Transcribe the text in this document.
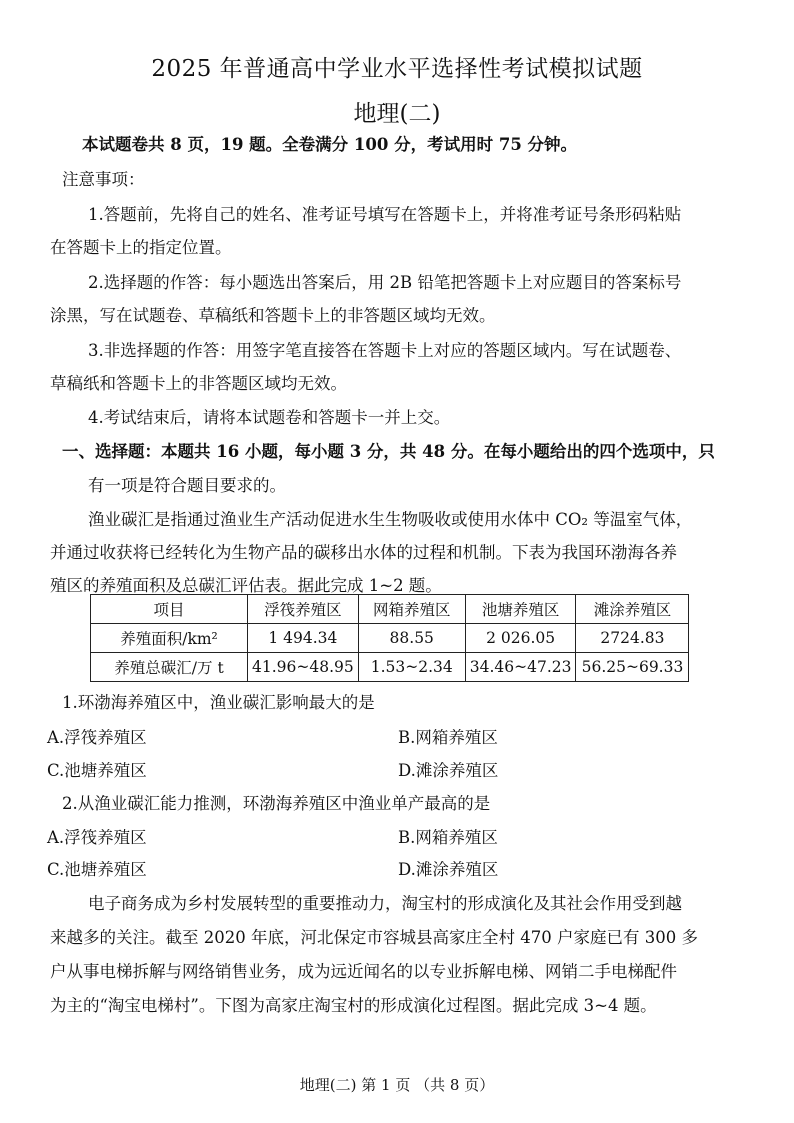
2025 年普通高中学业水平选择性考试模拟试题
地理(二)
本试题卷共 8 页，19 题。全卷满分 100 分，考试用时 75 分钟。
注意事项：
1.答题前，先将自己的姓名、准考证号填写在答题卡上，并将准考证号条形码粘贴
在答题卡上的指定位置。
2.选择题的作答：每小题选出答案后，用 2B 铅笔把答题卡上对应题目的答案标号
涂黑，写在试题卷、草稿纸和答题卡上的非答题区域均无效。
3.非选择题的作答：用签字笔直接答在答题卡上对应的答题区域内。写在试题卷、
草稿纸和答题卡上的非答题区域均无效。
4.考试结束后，请将本试题卷和答题卡一并上交。
一、选择题：本题共 16 小题，每小题 3 分，共 48 分。在每小题给出的四个选项中，只
有一项是符合题目要求的。
渔业碳汇是指通过渔业生产活动促进水生生物吸收或使用水体中 CO₂ 等温室气体，
并通过收获将已经转化为生物产品的碳移出水体的过程和机制。下表为我国环渤海各养
殖区的养殖面积及总碳汇评估表。据此完成 1~2 题。
项目	浮筏养殖区	网箱养殖区	池塘养殖区	滩涂养殖区
养殖面积/km²	1 494.34	88.55	2 026.05	2724.83
养殖总碳汇/万 t	41.96~48.95	1.53~2.34	34.46~47.23	56.25~69.33
1.环渤海养殖区中，渔业碳汇影响最大的是
A.浮筏养殖区	B.网箱养殖区
C.池塘养殖区	D.滩涂养殖区
2.从渔业碳汇能力推测，环渤海养殖区中渔业单产最高的是
A.浮筏养殖区	B.网箱养殖区
C.池塘养殖区	D.滩涂养殖区
电子商务成为乡村发展转型的重要推动力，淘宝村的形成演化及其社会作用受到越
来越多的关注。截至 2020 年底，河北保定市容城县高家庄全村 470 户家庭已有 300 多
户从事电梯拆解与网络销售业务，成为远近闻名的以专业拆解电梯、网销二手电梯配件
为主的“淘宝电梯村”。下图为高家庄淘宝村的形成演化过程图。据此完成 3~4 题。
地理(二) 第 1 页 （共 8 页）
